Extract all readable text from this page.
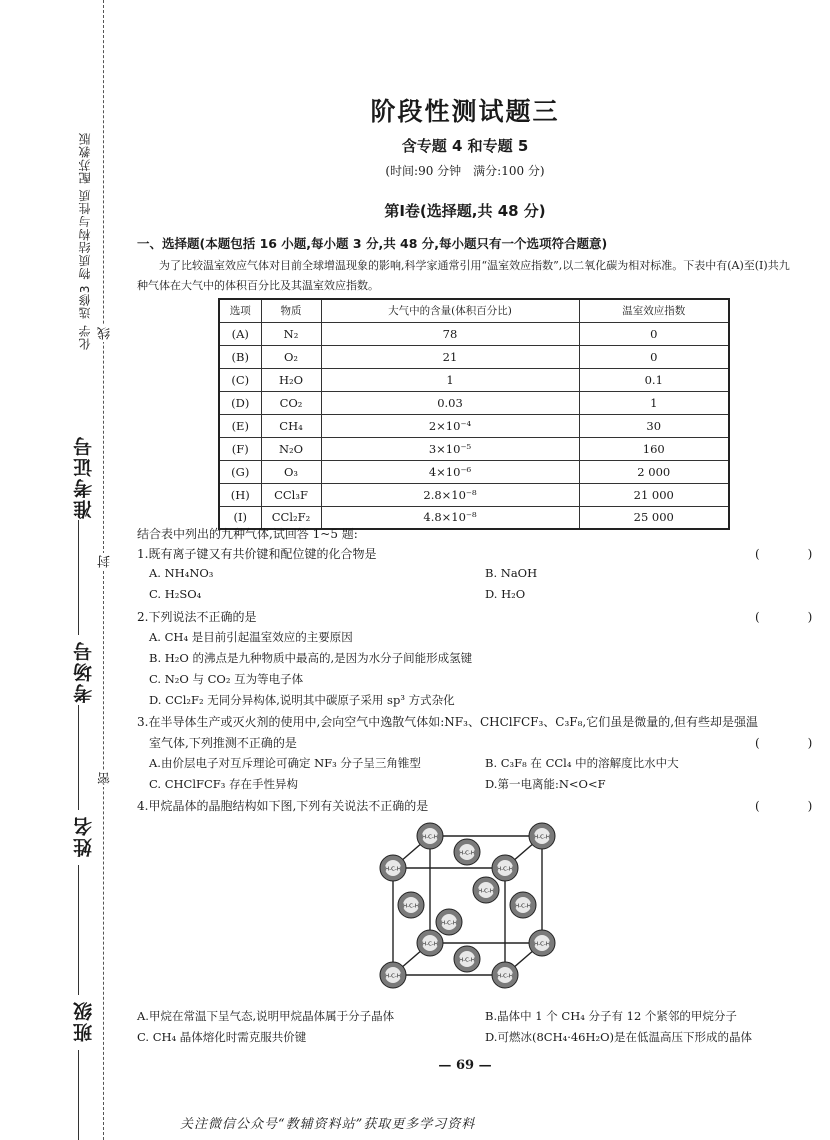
化学 选修3 物质结构与性质 配苏教版
准考证号
考场号
姓名
班级
线
封
密
阶段性测试题三
含专题 4 和专题 5
(时间:90 分钟　满分:100 分)
第Ⅰ卷(选择题,共 48 分)
一、选择题(本题包括 16 小题,每小题 3 分,共 48 分,每小题只有一个选项符合题意)
为了比较温室效应气体对目前全球增温现象的影响,科学家通常引用“温室效应指数”,以二氧化碳为相对标准。下表中有(A)至(I)共九种气体在大气中的体积百分比及其温室效应指数。
选项	物质	大气中的含量(体积百分比)	温室效应指数
(A)	N₂	78	0
(B)	O₂	21	0
(C)	H₂O	1	0.1
(D)	CO₂	0.03	1
(E)	CH₄	2×10⁻⁴	30
(F)	N₂O	3×10⁻⁵	160
(G)	O₃	4×10⁻⁶	2 000
(H)	CCl₃F	2.8×10⁻⁸	21 000
(I)	CCl₂F₂	4.8×10⁻⁸	25 000
结合表中列出的九种气体,试回答 1~5 题:
1.既有离子键又有共价键和配位键的化合物是	(　)
A. NH₄NO₃	B. NaOH
C. H₂SO₄	D. H₂O
2.下列说法不正确的是	(　)
A. CH₄ 是目前引起温室效应的主要原因
B. H₂O 的沸点是九种物质中最高的,是因为水分子间能形成氢键
C. N₂O 与 CO₂ 互为等电子体
D. CCl₂F₂ 无同分异构体,说明其中碳原子采用 sp³ 方式杂化
3.在半导体生产或灭火剂的使用中,会向空气中逸散气体如:NF₃、CHClFCF₃、C₃F₈,它们虽是微量的,但有些却是强温
室气体,下列推测不正确的是	(　)
A.由价层电子对互斥理论可确定 NF₃ 分子呈三角锥型	B. C₃F₈ 在 CCl₄ 中的溶解度比水中大
C. CHClFCF₃ 存在手性异构	D.第一电离能:N<O<F
4.甲烷晶体的晶胞结构如下图,下列有关说法不正确的是	(　)
H-C-H	H-C-H
H-C-H
H-C-H
H-C-H	H-C-H
H-C-H
H-C-H
H-C-H
H-C-H
H-C-H	H-C-H
H-C-H
H-C-H
A.甲烷在常温下呈气态,说明甲烷晶体属于分子晶体	B.晶体中 1 个 CH₄ 分子有 12 个紧邻的甲烷分子
C. CH₄ 晶体熔化时需克服共价键	D.可燃冰(8CH₄·46H₂O)是在低温高压下形成的晶体
— 69 —
关注微信公众号“教辅资料站”获取更多学习资料
